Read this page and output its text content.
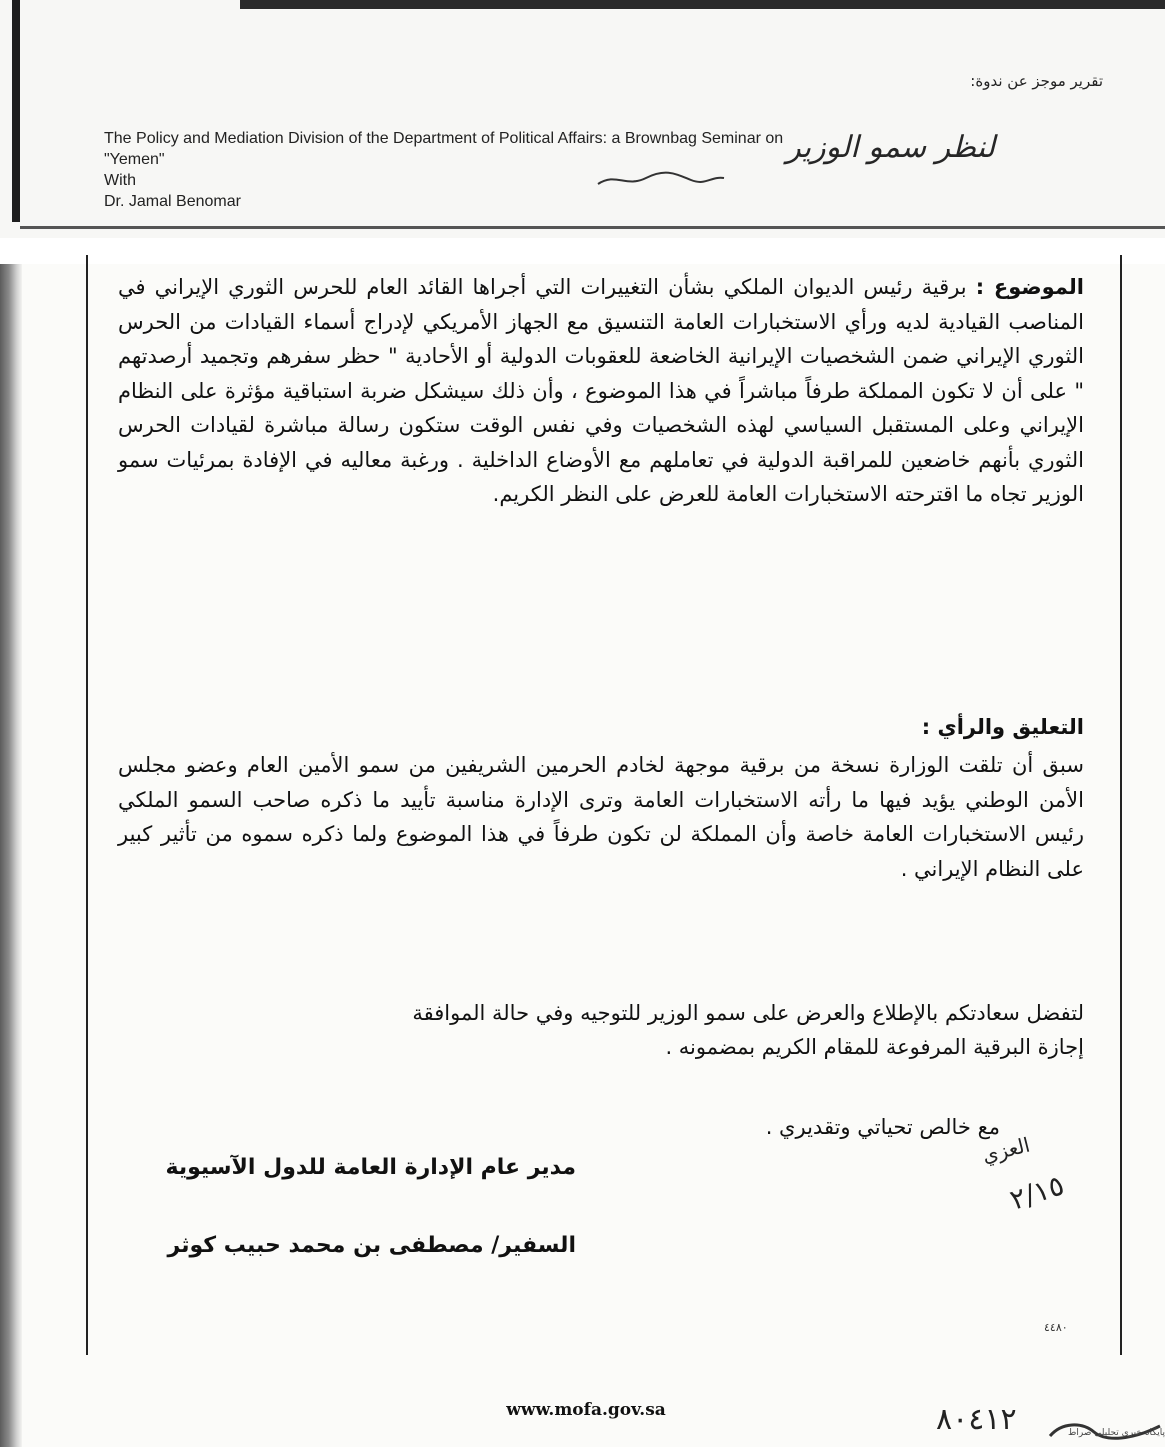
تقرير موجز عن ندوة:
The Policy and Mediation Division of the Department of Political Affairs: a Brownbag Seminar on
"Yemen"
With
Dr. Jamal Benomar
لنظر سمو الوزير
الموضوع : برقية رئيس الديوان الملكي بشأن التغييرات التي أجراها القائد العام للحرس الثوري الإيراني في المناصب القيادية لديه ورأي الاستخبارات العامة التنسيق مع الجهاز الأمريكي لإدراج أسماء القيادات من الحرس الثوري الإيراني ضمن الشخصيات الإيرانية الخاضعة للعقوبات الدولية أو الأحادية " حظر سفرهم وتجميد أرصدتهم " على أن لا تكون المملكة طرفاً مباشراً في هذا الموضوع ، وأن ذلك سيشكل ضربة استباقية مؤثرة على النظام الإيراني وعلى المستقبل السياسي لهذه الشخصيات وفي نفس الوقت ستكون رسالة مباشرة لقيادات الحرس الثوري بأنهم خاضعين للمراقبة الدولية في تعاملهم مع الأوضاع الداخلية . ورغبة معاليه في الإفادة بمرئيات سمو الوزير تجاه ما اقترحته الاستخبارات العامة للعرض على النظر الكريم.
التعليق والرأي :
سبق أن تلقت الوزارة نسخة من برقية موجهة لخادم الحرمين الشريفين من سمو الأمين العام وعضو مجلس الأمن الوطني يؤيد فيها ما رأته الاستخبارات العامة وترى الإدارة مناسبة تأييد ما ذكره صاحب السمو الملكي رئيس الاستخبارات العامة خاصة وأن المملكة لن تكون طرفاً في هذا الموضوع ولما ذكره سموه من تأثير كبير على النظام الإيراني .
لتفضل سعادتكم بالإطلاع والعرض على سمو الوزير للتوجيه وفي حالة الموافقة
إجازة البرقية المرفوعة للمقام الكريم بمضمونه .
مع خالص تحياتي وتقديري .
مدير عام الإدارة العامة للدول الآسيوية
السفير/ مصطفى بن محمد حبيب كوثر
العزي
٢/١٥
٤٤٨٠
www.mofa.gov.sa	٨٠٤١٢	پایگاه خبری تحلیلی صراط
